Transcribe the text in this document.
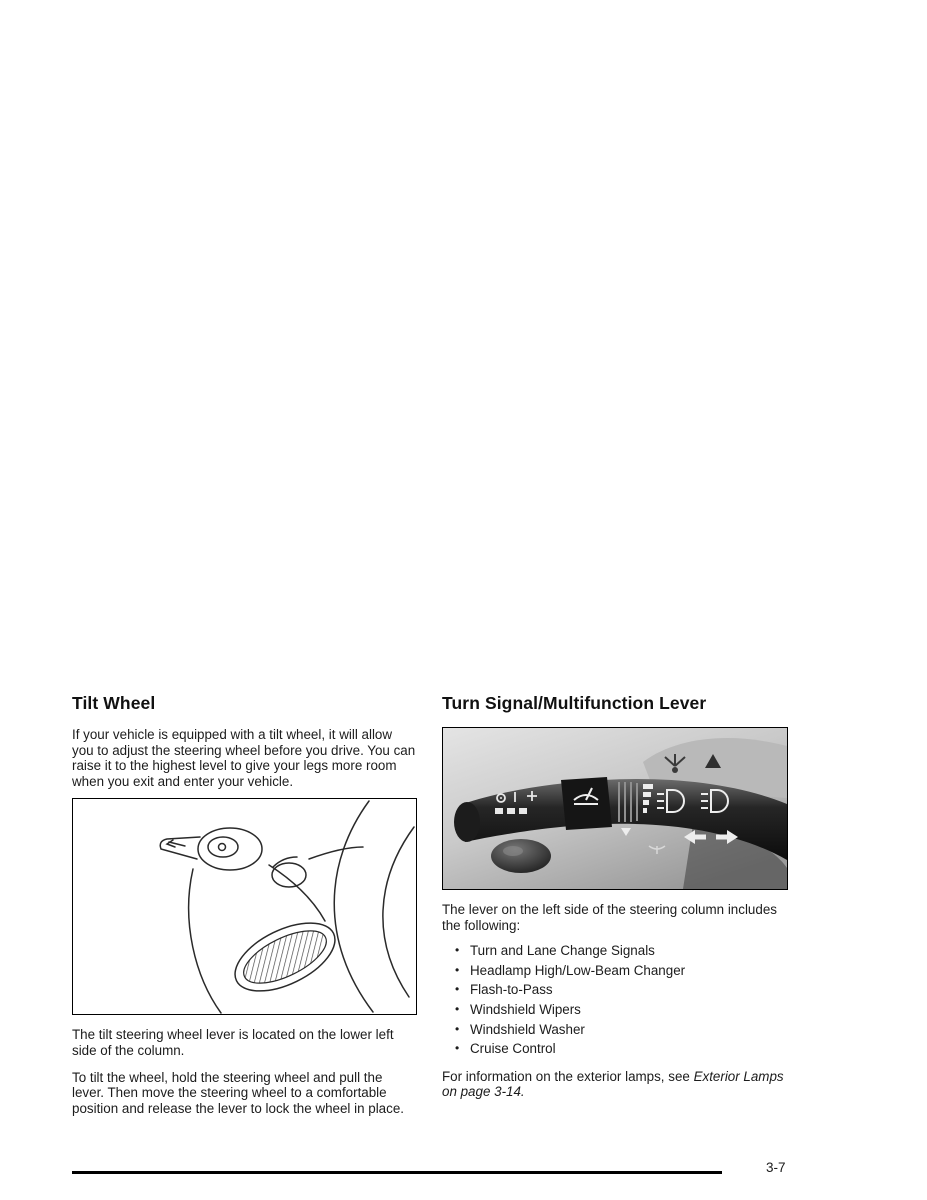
Tilt Wheel

If your vehicle is equipped with a tilt wheel, it will allow you to adjust the steering wheel before you drive. You can raise it to the highest level to give your legs more room when you exit and enter your vehicle.

The tilt steering wheel lever is located on the lower left side of the column.

To tilt the wheel, hold the steering wheel and pull the lever. Then move the steering wheel to a comfortable position and release the lever to lock the wheel in place.

Turn Signal/Multifunction Lever

The lever on the left side of the steering column includes the following:

• Turn and Lane Change Signals
• Headlamp High/Low-Beam Changer
• Flash-to-Pass
• Windshield Wipers
• Windshield Washer
• Cruise Control

For information on the exterior lamps, see Exterior Lamps on page 3-14.

3-7
